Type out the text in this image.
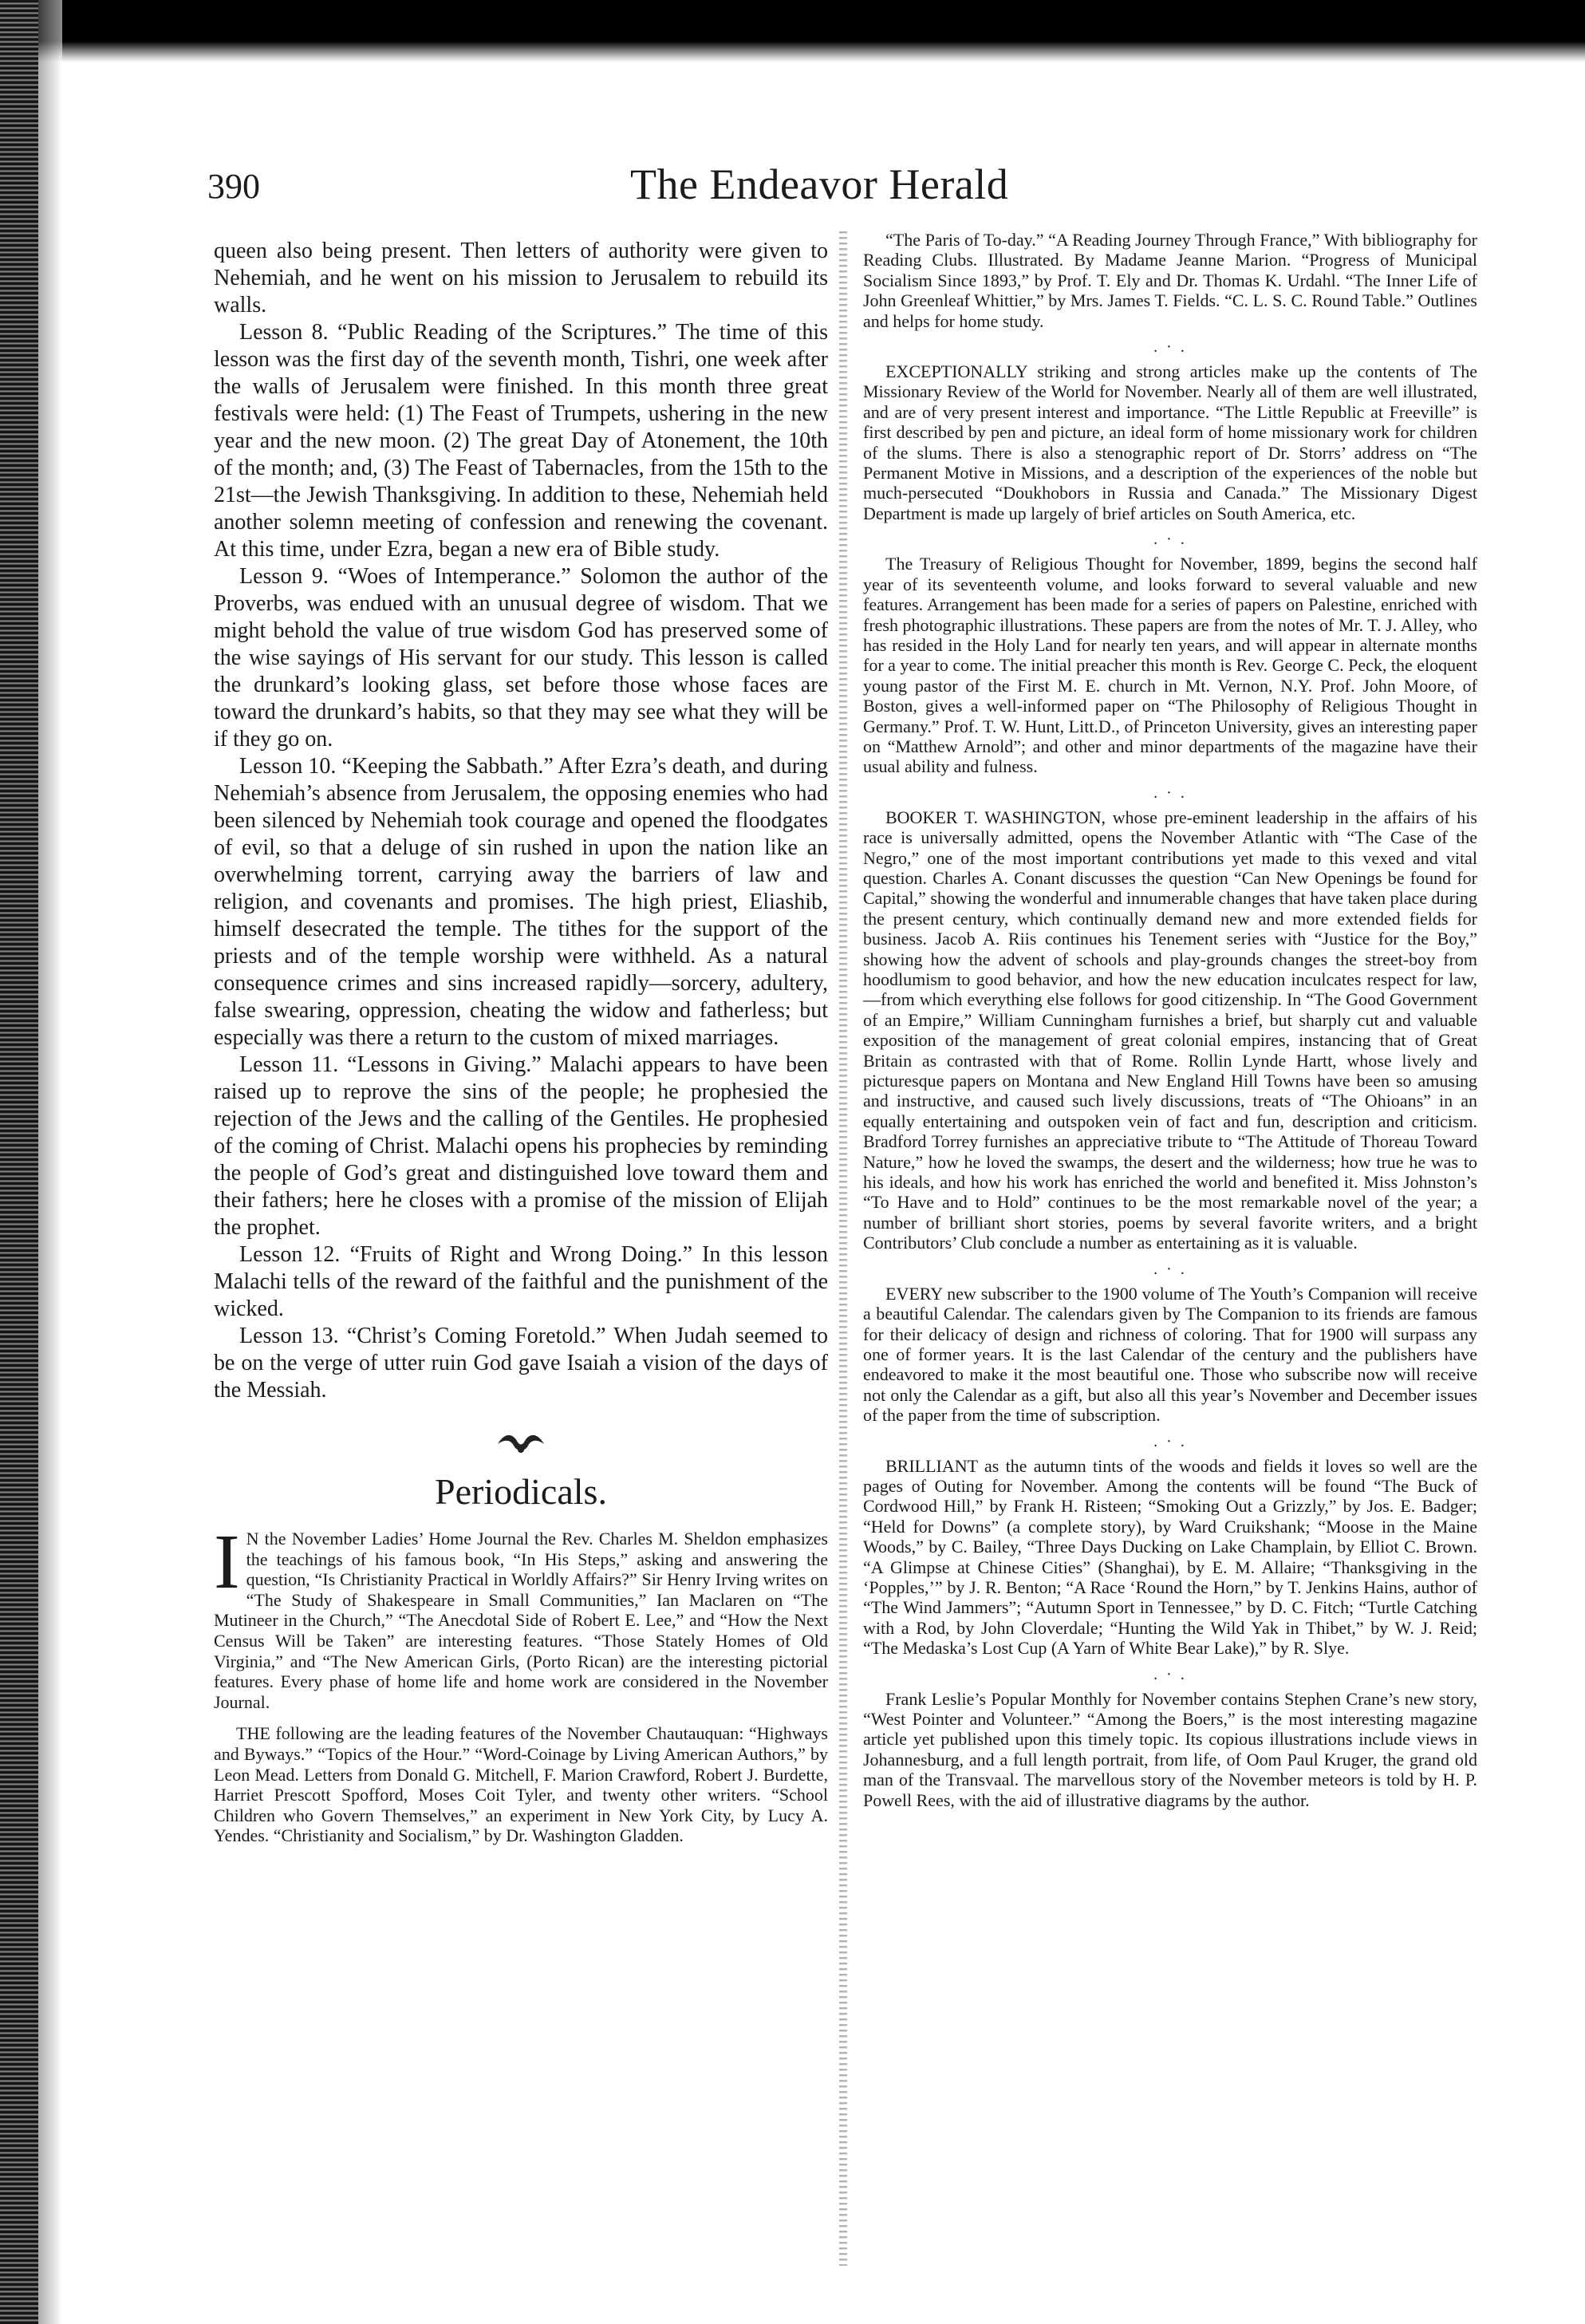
390	The Endeavor Herald

queen also being present. Then letters of authority were given to Nehemiah, and he went on his mission to Jerusalem to rebuild its walls.

Lesson 8. “Public Reading of the Scriptures.” The time of this lesson was the first day of the seventh month, Tishri, one week after the walls of Jerusalem were finished. In this month three great festivals were held: (1) The Feast of Trumpets, ushering in the new year and the new moon. (2) The great Day of Atonement, the 10th of the month; and, (3) The Feast of Tabernacles, from the 15th to the 21st—the Jewish Thanksgiving. In addition to these, Nehemiah held another solemn meeting of confession and renewing the covenant. At this time, under Ezra, began a new era of Bible study.

Lesson 9. “Woes of Intemperance.” Solomon the author of the Proverbs, was endued with an unusual degree of wisdom. That we might behold the value of true wisdom God has preserved some of the wise sayings of His servant for our study. This lesson is called the drunkard’s looking glass, set before those whose faces are toward the drunkard’s habits, so that they may see what they will be if they go on.

Lesson 10. “Keeping the Sabbath.” After Ezra’s death, and during Nehemiah’s absence from Jerusalem, the opposing enemies who had been silenced by Nehemiah took courage and opened the floodgates of evil, so that a deluge of sin rushed in upon the nation like an overwhelming torrent, carrying away the barriers of law and religion, and covenants and promises. The high priest, Eliashib, himself desecrated the temple. The tithes for the support of the priests and of the temple worship were withheld. As a natural consequence crimes and sins increased rapidly—sorcery, adultery, false swearing, oppression, cheating the widow and fatherless; but especially was there a return to the custom of mixed marriages.

Lesson 11. “Lessons in Giving.” Malachi appears to have been raised up to reprove the sins of the people; he prophesied the rejection of the Jews and the calling of the Gentiles. He prophesied of the coming of Christ. Malachi opens his prophecies by reminding the people of God’s great and distinguished love toward them and their fathers; here he closes with a promise of the mission of Elijah the prophet.

Lesson 12. “Fruits of Right and Wrong Doing.” In this lesson Malachi tells of the reward of the faithful and the punishment of the wicked.

Lesson 13. “Christ’s Coming Foretold.” When Judah seemed to be on the verge of utter ruin God gave Isaiah a vision of the days of the Messiah.

Periodicals.

I N the November Ladies’ Home Journal the Rev. Charles M. Sheldon emphasizes the teachings of his famous book, “In His Steps,” asking and answering the question, “Is Christianity Practical in Worldly Affairs?” Sir Henry Irving writes on “The Study of Shakespeare in Small Communities,” Ian Maclaren on “The Mutineer in the Church,” “The Anecdotal Side of Robert E. Lee,” and “How the Next Census Will be Taken” are interesting features. “Those Stately Homes of Old Virginia,” and “The New American Girls, (Porto Rican) are the interesting pictorial features. Every phase of home life and home work are considered in the November Journal.

THE following are the leading features of the November Chautauquan: “Highways and Byways.” “Topics of the Hour.” “Word-Coinage by Living American Authors,” by Leon Mead. Letters from Donald G. Mitchell, F. Marion Crawford, Robert J. Burdette, Harriet Prescott Spofford, Moses Coit Tyler, and twenty other writers. “School Children who Govern Themselves,” an experiment in New York City, by Lucy A. Yendes. “Christianity and Socialism,” by Dr. Washington Gladden.

“The Paris of To-day.” “A Reading Journey Through France,” With bibliography for Reading Clubs. Illustrated. By Madame Jeanne Marion. “Progress of Municipal Socialism Since 1893,” by Prof. T. Ely and Dr. Thomas K. Urdahl. “The Inner Life of John Greenleaf Whittier,” by Mrs. James T. Fields. “C. L. S. C. Round Table.” Outlines and helps for home study.

. · .

EXCEPTIONALLY striking and strong articles make up the contents of The Missionary Review of the World for November. Nearly all of them are well illustrated, and are of very present interest and importance. “The Little Republic at Freeville” is first described by pen and picture, an ideal form of home missionary work for children of the slums. There is also a stenographic report of Dr. Storrs’ address on “The Permanent Motive in Missions, and a description of the experiences of the noble but much-persecuted “Doukhobors in Russia and Canada.” The Missionary Digest Department is made up largely of brief articles on South America, etc.

. · .

The Treasury of Religious Thought for November, 1899, begins the second half year of its seventeenth volume, and looks forward to several valuable and new features. Arrangement has been made for a series of papers on Palestine, enriched with fresh photographic illustrations. These papers are from the notes of Mr. T. J. Alley, who has resided in the Holy Land for nearly ten years, and will appear in alternate months for a year to come. The initial preacher this month is Rev. George C. Peck, the eloquent young pastor of the First M. E. church in Mt. Vernon, N.Y. Prof. John Moore, of Boston, gives a well-informed paper on “The Philosophy of Religious Thought in Germany.” Prof. T. W. Hunt, Litt.D., of Princeton University, gives an interesting paper on “Matthew Arnold”; and other and minor departments of the magazine have their usual ability and fulness.

. · .

BOOKER T. WASHINGTON, whose pre-eminent leadership in the affairs of his race is universally admitted, opens the November Atlantic with “The Case of the Negro,” one of the most important contributions yet made to this vexed and vital question. Charles A. Conant discusses the question “Can New Openings be found for Capital,” showing the wonderful and innumerable changes that have taken place during the present century, which continually demand new and more extended fields for business. Jacob A. Riis continues his Tenement series with “Justice for the Boy,” showing how the advent of schools and play-grounds changes the street-boy from hoodlumism to good behavior, and how the new education inculcates respect for law,—from which everything else follows for good citizenship. In “The Good Government of an Empire,” William Cunningham furnishes a brief, but sharply cut and valuable exposition of the management of great colonial empires, instancing that of Great Britain as contrasted with that of Rome. Rollin Lynde Hartt, whose lively and picturesque papers on Montana and New England Hill Towns have been so amusing and instructive, and caused such lively discussions, treats of “The Ohioans” in an equally entertaining and outspoken vein of fact and fun, description and criticism. Bradford Torrey furnishes an appreciative tribute to “The Attitude of Thoreau Toward Nature,” how he loved the swamps, the desert and the wilderness; how true he was to his ideals, and how his work has enriched the world and benefited it. Miss Johnston’s “To Have and to Hold” continues to be the most remarkable novel of the year; a number of brilliant short stories, poems by several favorite writers, and a bright Contributors’ Club conclude a number as entertaining as it is valuable.

. · .

EVERY new subscriber to the 1900 volume of The Youth’s Companion will receive a beautiful Calendar. The calendars given by The Companion to its friends are famous for their delicacy of design and richness of coloring. That for 1900 will surpass any one of former years. It is the last Calendar of the century and the publishers have endeavored to make it the most beautiful one. Those who subscribe now will receive not only the Calendar as a gift, but also all this year’s November and December issues of the paper from the time of subscription.

. · .

BRILLIANT as the autumn tints of the woods and fields it loves so well are the pages of Outing for November. Among the contents will be found “The Buck of Cordwood Hill,” by Frank H. Risteen; “Smoking Out a Grizzly,” by Jos. E. Badger; “Held for Downs” (a complete story), by Ward Cruikshank; “Moose in the Maine Woods,” by C. Bailey, “Three Days Ducking on Lake Champlain, by Elliot C. Brown. “A Glimpse at Chinese Cities” (Shanghai), by E. M. Allaire; “Thanksgiving in the ‘Popples,’” by J. R. Benton; “A Race ‘Round the Horn,” by T. Jenkins Hains, author of “The Wind Jammers”; “Autumn Sport in Tennessee,” by D. C. Fitch; “Turtle Catching with a Rod, by John Cloverdale; “Hunting the Wild Yak in Thibet,” by W. J. Reid; “The Medaska’s Lost Cup (A Yarn of White Bear Lake),” by R. Slye.

. · .

Frank Leslie’s Popular Monthly for November contains Stephen Crane’s new story, “West Pointer and Volunteer.” “Among the Boers,” is the most interesting magazine article yet published upon this timely topic. Its copious illustrations include views in Johannesburg, and a full length portrait, from life, of Oom Paul Kruger, the grand old man of the Transvaal. The marvellous story of the November meteors is told by H. P. Powell Rees, with the aid of illustrative diagrams by the author.
